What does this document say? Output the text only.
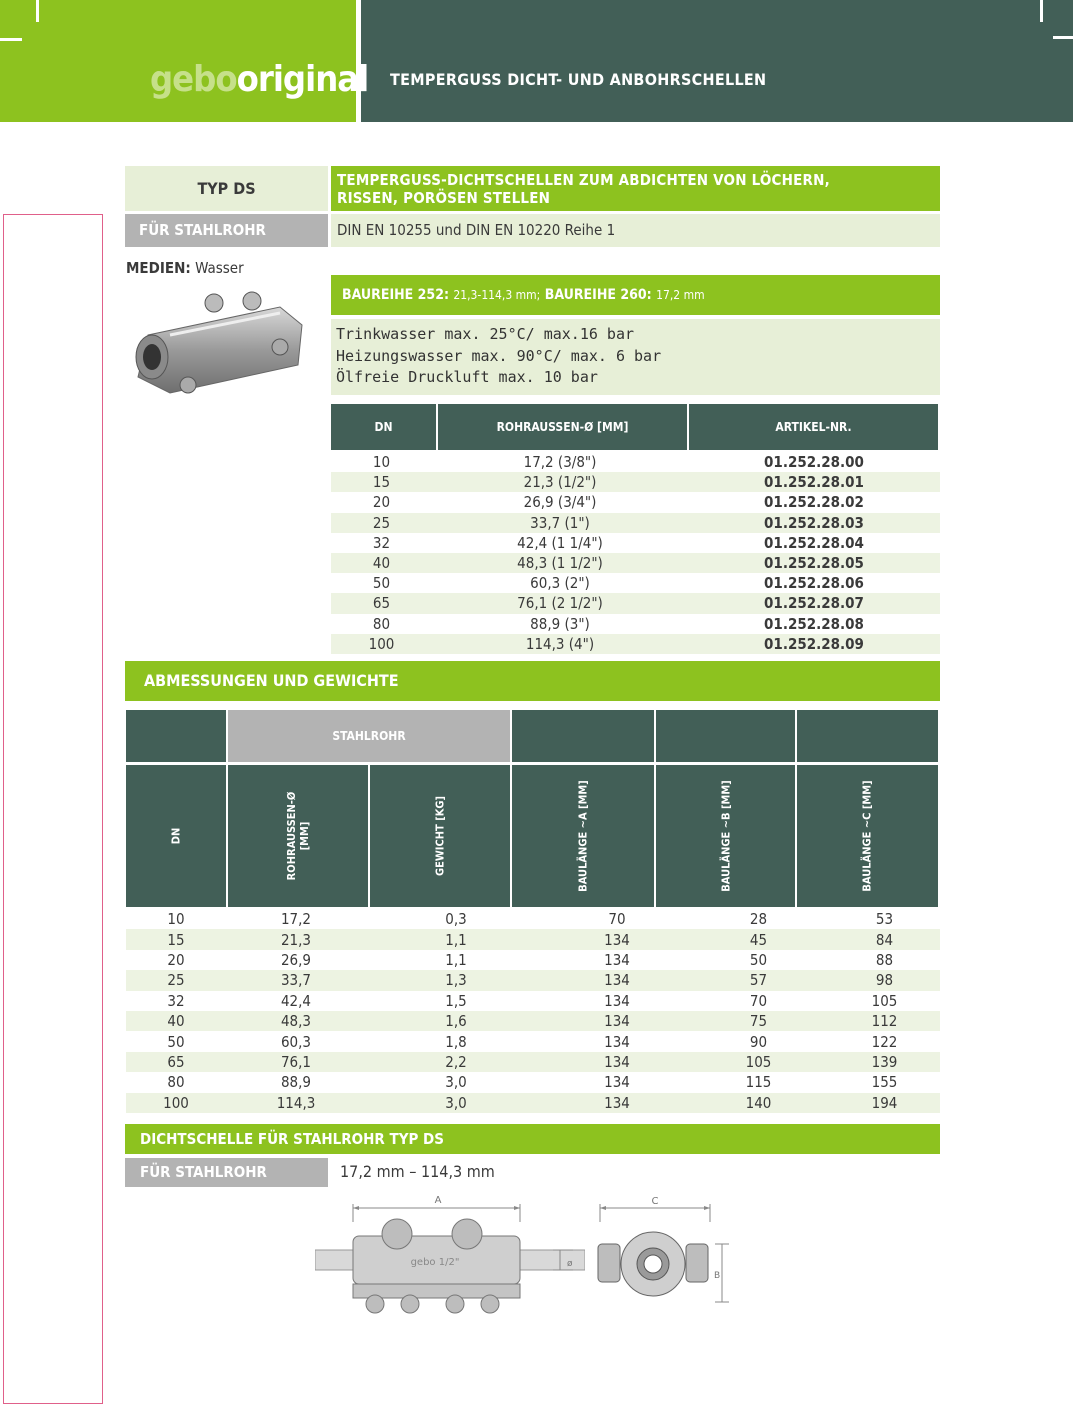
gebooriginal TEMPERGUSS DICHT- UND ANBOHRSCHELLEN
TYP DS	TEMPERGUSS-DICHTSCHELLEN ZUM ABDICHTEN VON LÖCHERN,
RISSEN, PORÖSEN STELLEN
FÜR STAHLROHR	DIN EN 10255 und DIN EN 10220 Reihe 1
MEDIEN: Wasser
BAUREIHE 252: 21,3-114,3 mm; BAUREIHE 260: 17,2 mm
Trinkwasser max. 25°C/ max.16 bar
Heizungswasser max. 90°C/ max. 6 bar
Ölfreie Druckluft max. 10 bar
DN	ROHRAUSSEN-Ø [MM]	ARTIKEL-NR.
10	17,2 (3/8")	01.252.28.00
15	21,3 (1/2")	01.252.28.01
20	26,9 (3/4")	01.252.28.02
25	33,7 (1")	01.252.28.03
32	42,4 (1 1/4")	01.252.28.04
40	48,3 (1 1/2")	01.252.28.05
50	60,3 (2")	01.252.28.06
65	76,1 (2 1/2")	01.252.28.07
80	88,9 (3")	01.252.28.08
100	114,3 (4")	01.252.28.09
ABMESSUNGEN UND GEWICHTE
STAHLROHR
DN	ROHRAUSSEN-Ø [MM]	GEWICHT [KG]	BAULÄNGE ~A [MM]	BAULÄNGE ~B [MM]	BAULÄNGE ~C [MM]
10	17,2	0,3	70	28	53
15	21,3	1,1	134	45	84
20	26,9	1,1	134	50	88
25	33,7	1,3	134	57	98
32	42,4	1,5	134	70	105
40	48,3	1,6	134	75	112
50	60,3	1,8	134	90	122
65	76,1	2,2	134	105	139
80	88,9	3,0	134	115	155
100	114,3	3,0	134	140	194
DICHTSCHELLE FÜR STAHLROHR TYP DS
FÜR STAHLROHR	17,2 mm – 114,3 mm
A
ø
gebo 1/2"
C
B
